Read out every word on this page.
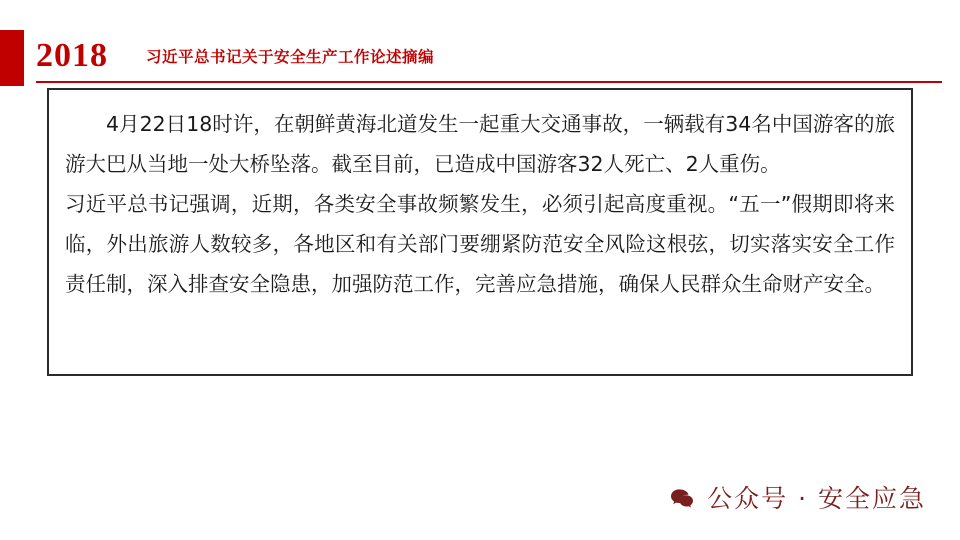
2018 习近平总书记关于安全生产工作论述摘编

4月22日18时许，在朝鲜黄海北道发生一起重大交通事故，一辆载有34名中国游客的旅游大巴从当地一处大桥坠落。截至目前，已造成中国游客32人死亡、2人重伤。

习近平总书记强调，近期，各类安全事故频繁发生，必须引起高度重视。“五一”假期即将来临，外出旅游人数较多，各地区和有关部门要绷紧防范安全风险这根弦，切实落实安全工作责任制，深入排查安全隐患，加强防范工作，完善应急措施，确保人民群众生命财产安全。

公众号 · 安全应急
